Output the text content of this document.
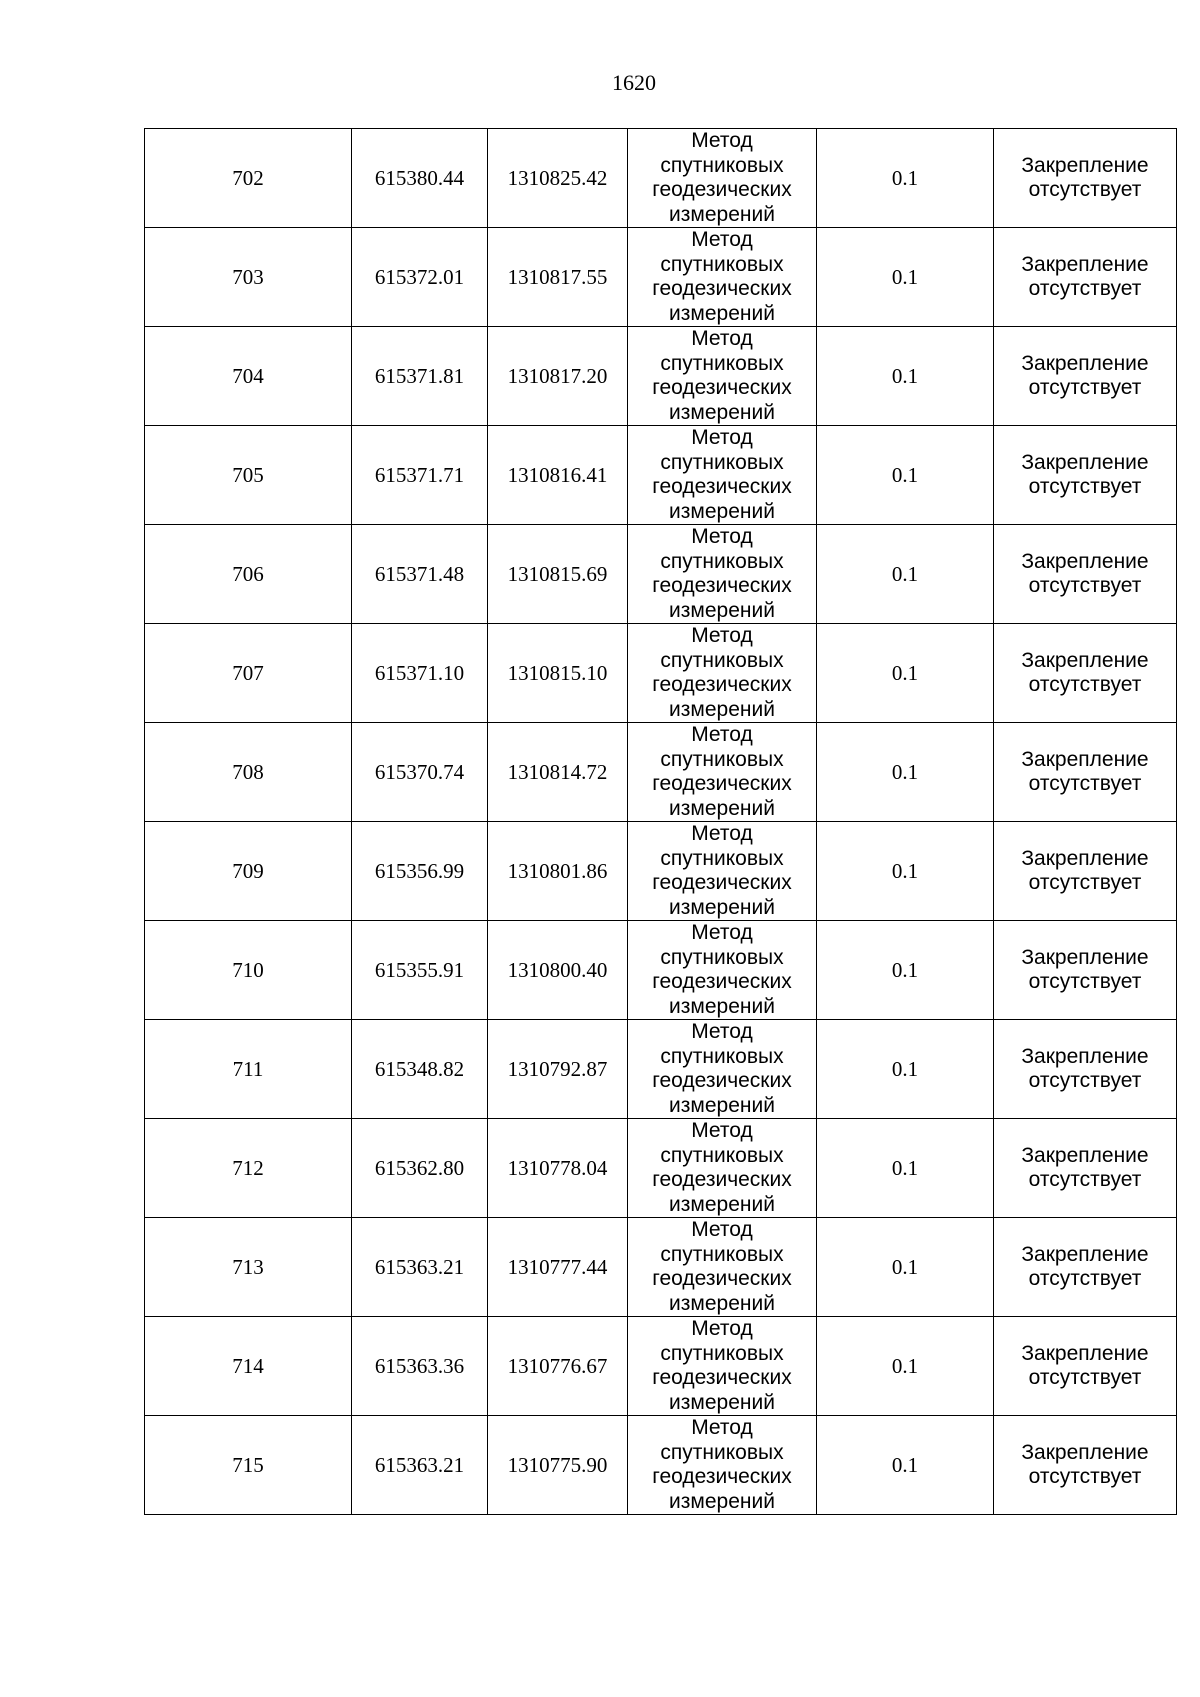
1620
702	615380.44	1310825.42	Метод
спутниковых
геодезических
измерений	0.1	Закрепление
отсутствует

703	615372.01	1310817.55	Метод
спутниковых
геодезических
измерений	0.1	Закрепление
отсутствует

704	615371.81	1310817.20	Метод
спутниковых
геодезических
измерений	0.1	Закрепление
отсутствует

705	615371.71	1310816.41	Метод
спутниковых
геодезических
измерений	0.1	Закрепление
отсутствует

706	615371.48	1310815.69	Метод
спутниковых
геодезических
измерений	0.1	Закрепление
отсутствует

707	615371.10	1310815.10	Метод
спутниковых
геодезических
измерений	0.1	Закрепление
отсутствует

708	615370.74	1310814.72	Метод
спутниковых
геодезических
измерений	0.1	Закрепление
отсутствует

709	615356.99	1310801.86	Метод
спутниковых
геодезических
измерений	0.1	Закрепление
отсутствует

710	615355.91	1310800.40	Метод
спутниковых
геодезических
измерений	0.1	Закрепление
отсутствует

711	615348.82	1310792.87	Метод
спутниковых
геодезических
измерений	0.1	Закрепление
отсутствует

712	615362.80	1310778.04	Метод
спутниковых
геодезических
измерений	0.1	Закрепление
отсутствует

713	615363.21	1310777.44	Метод
спутниковых
геодезических
измерений	0.1	Закрепление
отсутствует

714	615363.36	1310776.67	Метод
спутниковых
геодезических
измерений	0.1	Закрепление
отсутствует

715	615363.21	1310775.90	Метод
спутниковых
геодезических
измерений	0.1	Закрепление
отсутствует
